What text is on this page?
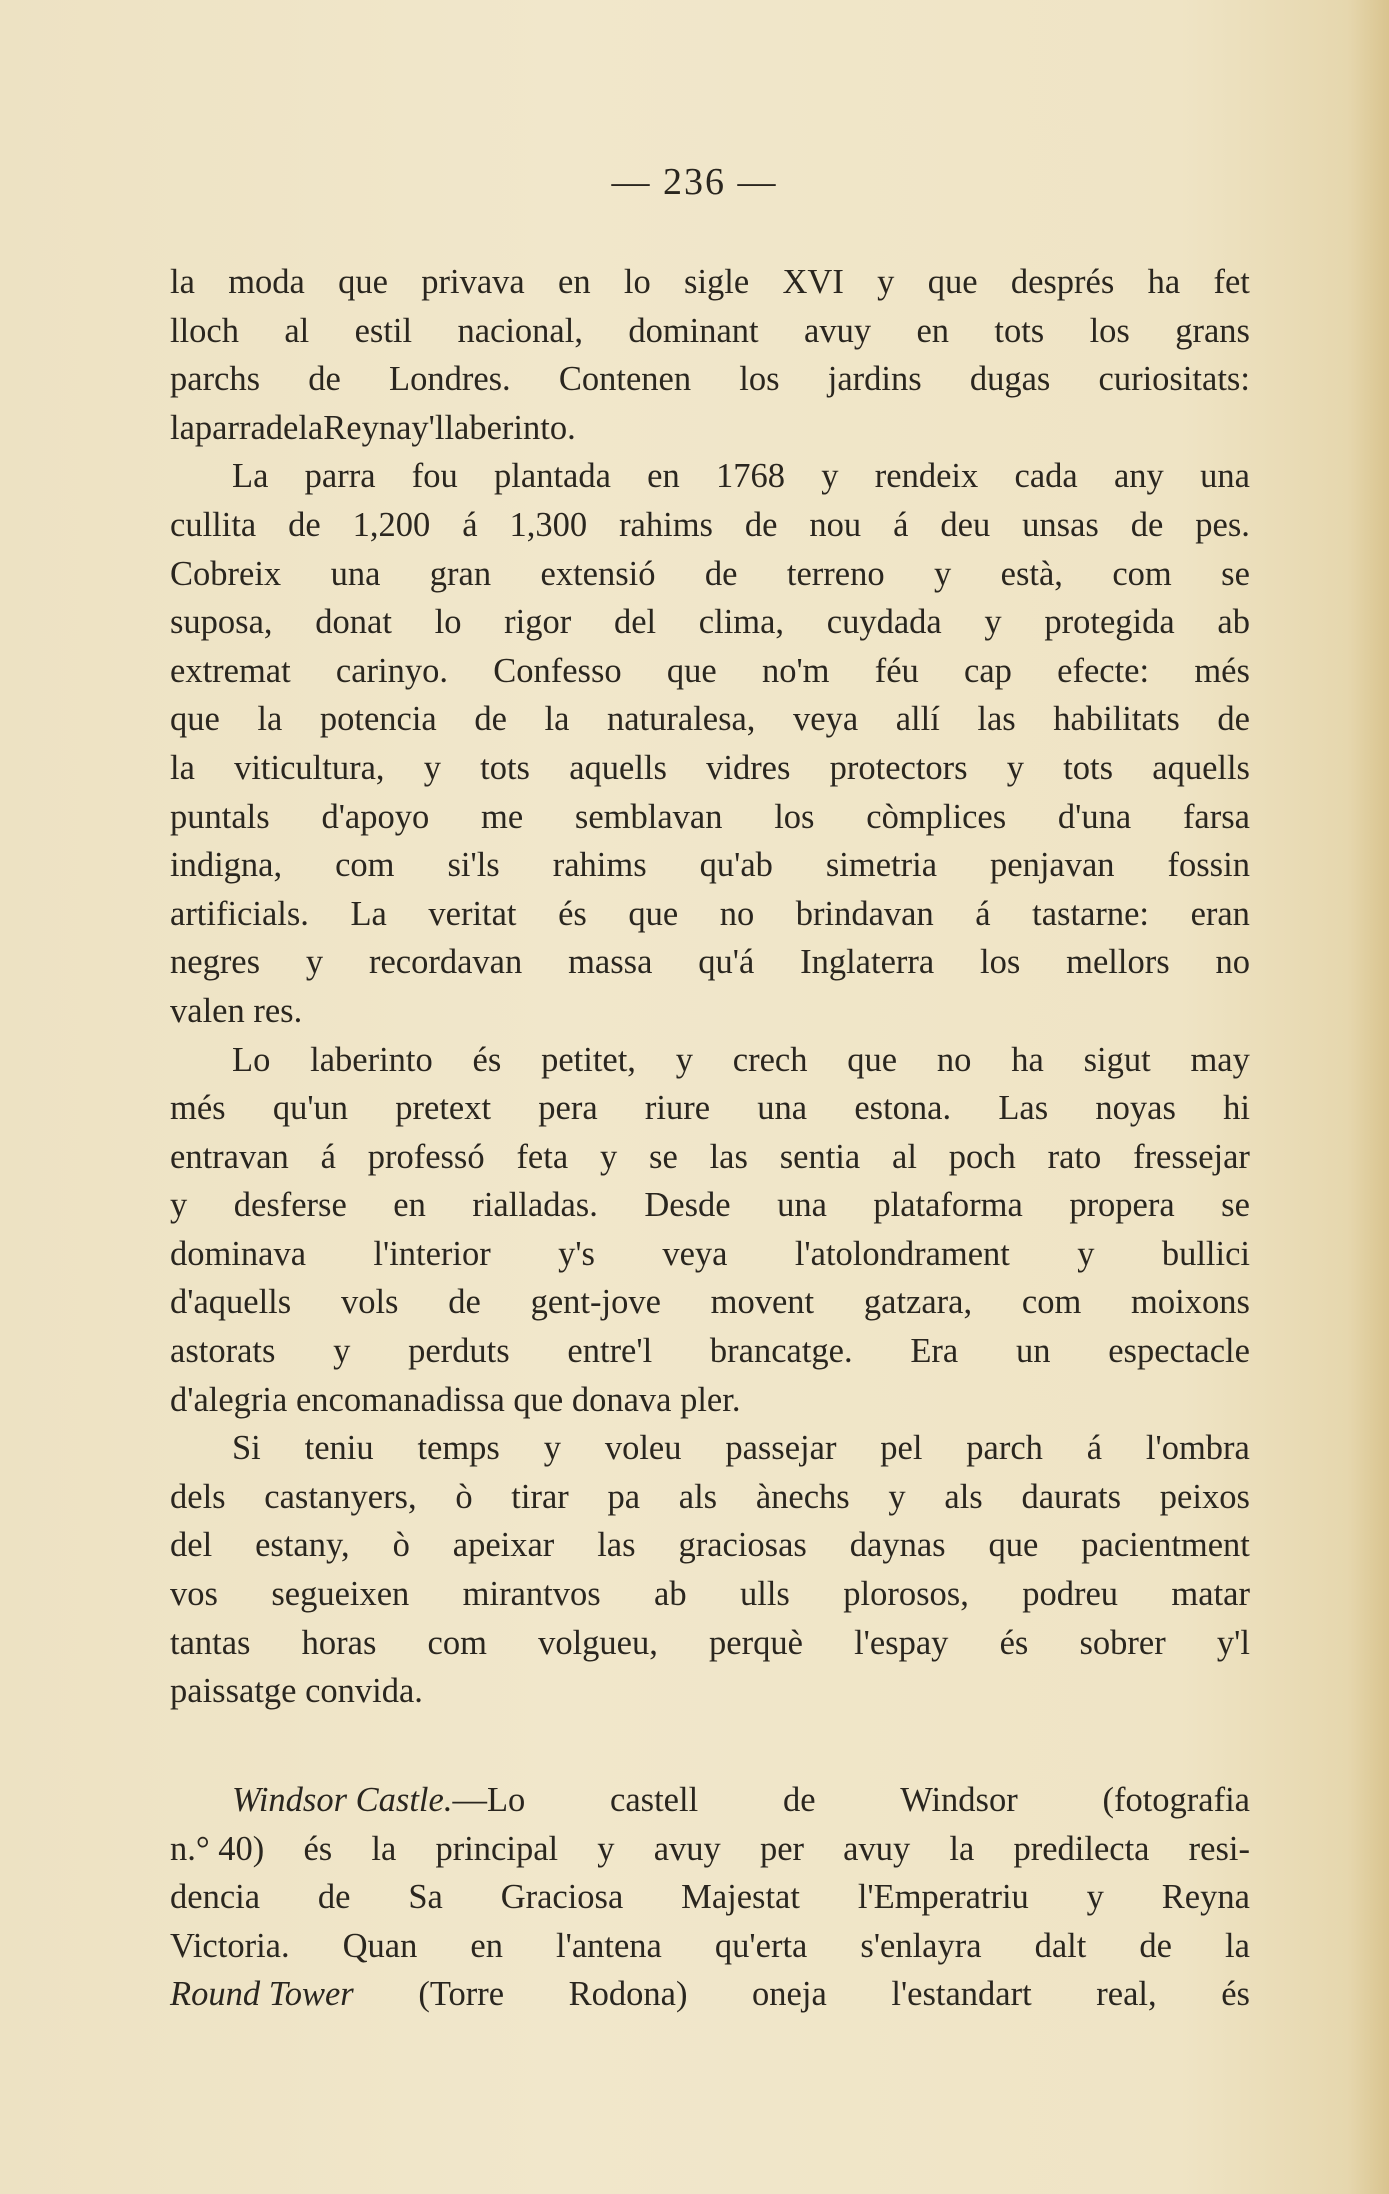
— 236 —
la moda que privava en lo sigle XVI y que després ha fet
lloch al estil nacional, dominant avuy en tots los grans
parchs de Londres. Contenen los jardins dugas curiositats:
la parra de la Reyna y'l laberinto.
La parra fou plantada en 1768 y rendeix cada any una
cullita de 1,200 á 1,300 rahims de nou á deu unsas de pes.
Cobreix una gran extensió de terreno y està, com se
suposa, donat lo rigor del clima, cuydada y protegida ab
extremat carinyo. Confesso que no'm féu cap efecte: més
que la potencia de la naturalesa, veya allí las habilitats de
la viticultura, y tots aquells vidres protectors y tots aquells
puntals d'apoyo me semblavan los còmplices d'una farsa
indigna, com si'ls rahims qu'ab simetria penjavan fossin
artificials. La veritat és que no brindavan á tastarne: eran
negres y recordavan massa qu'á Inglaterra los mellors no
valen res.
Lo laberinto és petitet, y crech que no ha sigut may
més qu'un pretext pera riure una estona. Las noyas hi
entravan á professó feta y se las sentia al poch rato fressejar
y desferse en rialladas. Desde una plataforma propera se
dominava l'interior y's veya l'atolondrament y bullici
d'aquells vols de gent-jove movent gatzara, com moixons
astorats y perduts entre'l brancatge. Era un espectacle
d'alegria encomanadissa que donava pler.
Si teniu temps y voleu passejar pel parch á l'ombra
dels castanyers, ò tirar pa als ànechs y als daurats peixos
del estany, ò apeixar las graciosas daynas que pacientment
vos segueixen mirantvos ab ulls plorosos, podreu matar
tantas horas com volgueu, perquè l'espay és sobrer y'l
paissatge convida.
Windsor Castle.—Lo castell de Windsor (fotografia
n.° 40) és la principal y avuy per avuy la predilecta resi-
dencia de Sa Graciosa Majestat l'Emperatriu y Reyna
Victoria. Quan en l'antena qu'erta s'enlayra dalt de la
Round Tower (Torre Rodona) oneja l'estandart real, és
